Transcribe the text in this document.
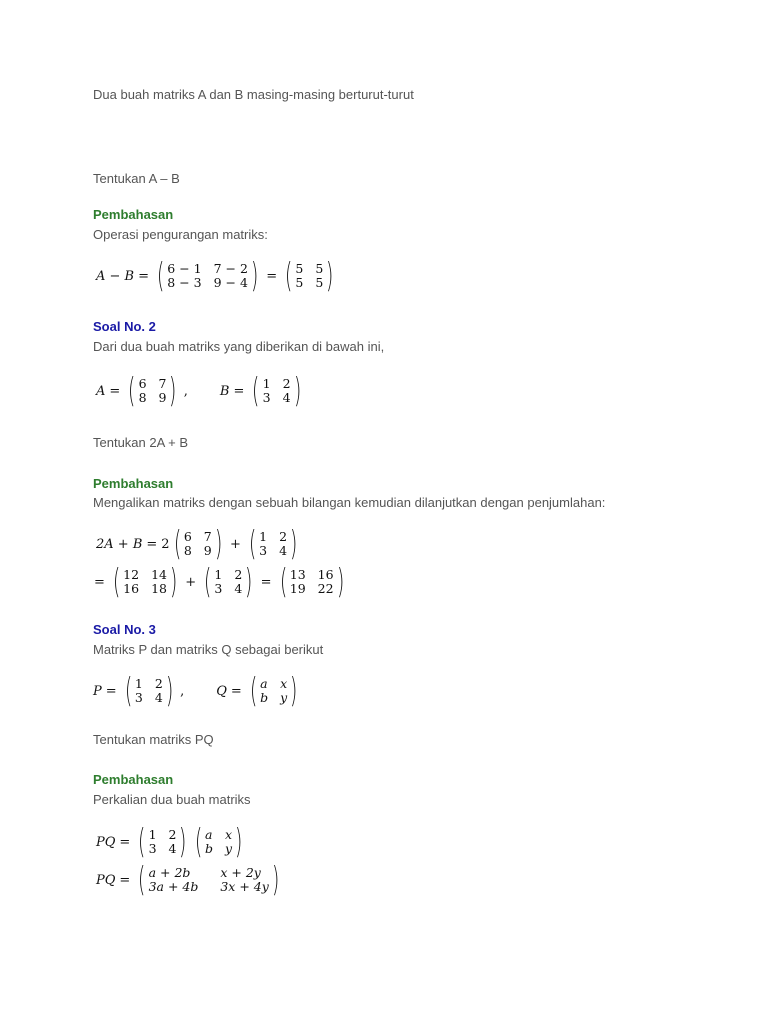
Dua buah matriks A dan B masing-masing berturut-turut
Tentukan A – B
Pembahasan
Operasi pengurangan matriks:
A − B = ( 6 − 1 7 − 2
8 − 3 9 − 4 ) = ( 5 5
5 5 )
Soal No. 2
Dari dua buah matriks yang diberikan di bawah ini,
A = ( 6 7
8 9 ) , B = ( 1 2
3 4 )
Tentukan 2A + B
Pembahasan
Mengalikan matriks dengan sebuah bilangan kemudian dilanjutkan dengan penjumlahan:
2A + B = 2 ( 6 7
8 9 ) + ( 1 2
3 4 )
= ( 12 14
16 18 ) + ( 1 2
3 4 ) = ( 13 16
19 22 )
Soal No. 3
Matriks P dan matriks Q sebagai berikut
P = ( 1 2
3 4 ) , Q = ( a x
b y )
Tentukan matriks PQ
Pembahasan
Perkalian dua buah matriks
PQ = ( 1 2
3 4 ) ( a x
b y )
PQ = ( a + 2b	x + 2y
3a + 4b 3x + 4y )
